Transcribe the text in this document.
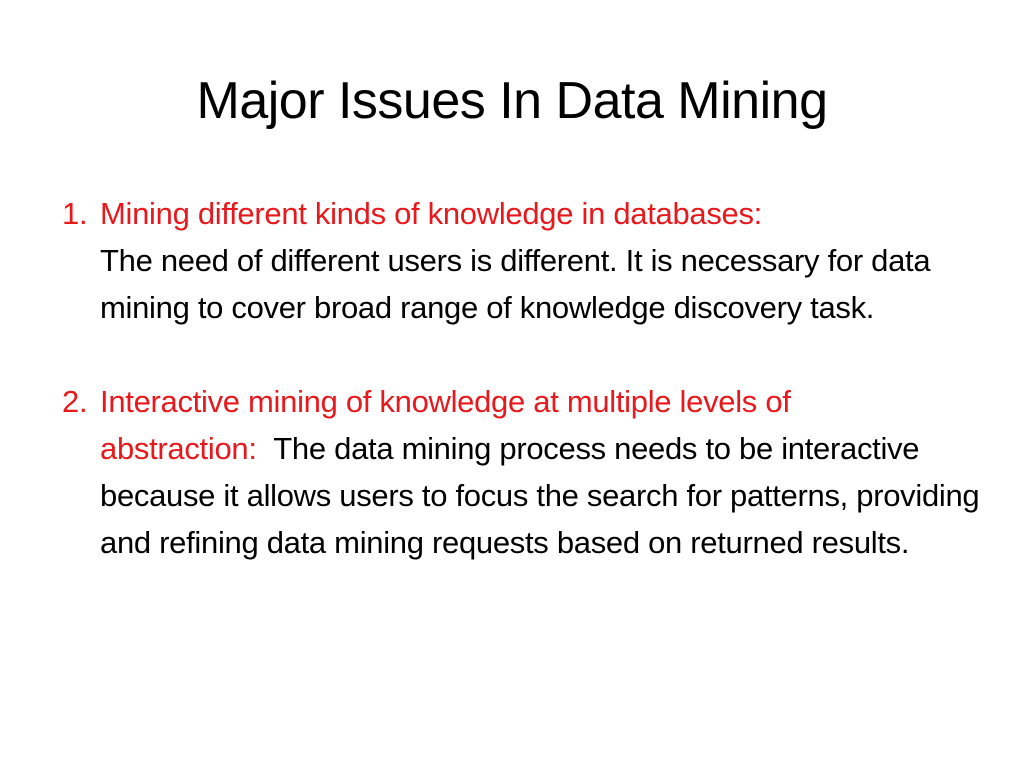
Major Issues In Data Mining
1. Mining different kinds of knowledge in databases:
The need of different users is different. It is necessary for data mining to cover broad range of knowledge discovery task.
2. Interactive mining of knowledge at multiple levels of abstraction: The data mining process needs to be interactive because it allows users to focus the search for patterns, providing and refining data mining requests based on returned results.
